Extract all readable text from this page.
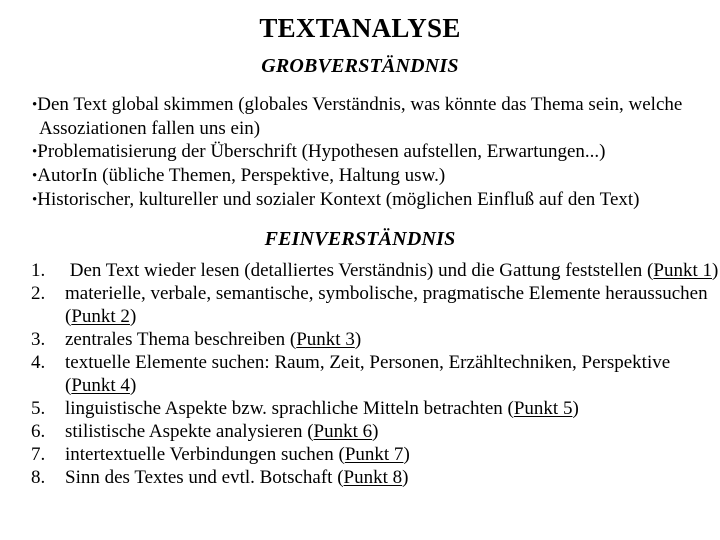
TEXTANALYSE
GROBVERSTÄNDNIS
•Den Text global skimmen (globales Verständnis, was könnte das Thema sein, welche
Assoziationen fallen uns ein)
•Problematisierung der Überschrift (Hypothesen aufstellen, Erwartungen...)
•AutorIn (übliche Themen, Perspektive, Haltung usw.)
•Historischer, kultureller und sozialer Kontext (möglichen Einfluß auf den Text)
FEINVERSTÄNDNIS
1.	Den Text wieder lesen (detalliertes Verständnis) und die Gattung feststellen (Punkt 1)
2.	materielle, verbale, semantische, symbolische, pragmatische Elemente heraussuchen
(Punkt 2)
3.	zentrales Thema beschreiben (Punkt 3)
4.	textuelle Elemente suchen: Raum, Zeit, Personen, Erzähltechniken, Perspektive
(Punkt 4)
5.	linguistische Aspekte bzw. sprachliche Mitteln betrachten (Punkt 5)
6.	stilistische Aspekte analysieren (Punkt 6)
7.	intertextuelle Verbindungen suchen (Punkt 7)
8.	Sinn des Textes und evtl. Botschaft (Punkt 8)
